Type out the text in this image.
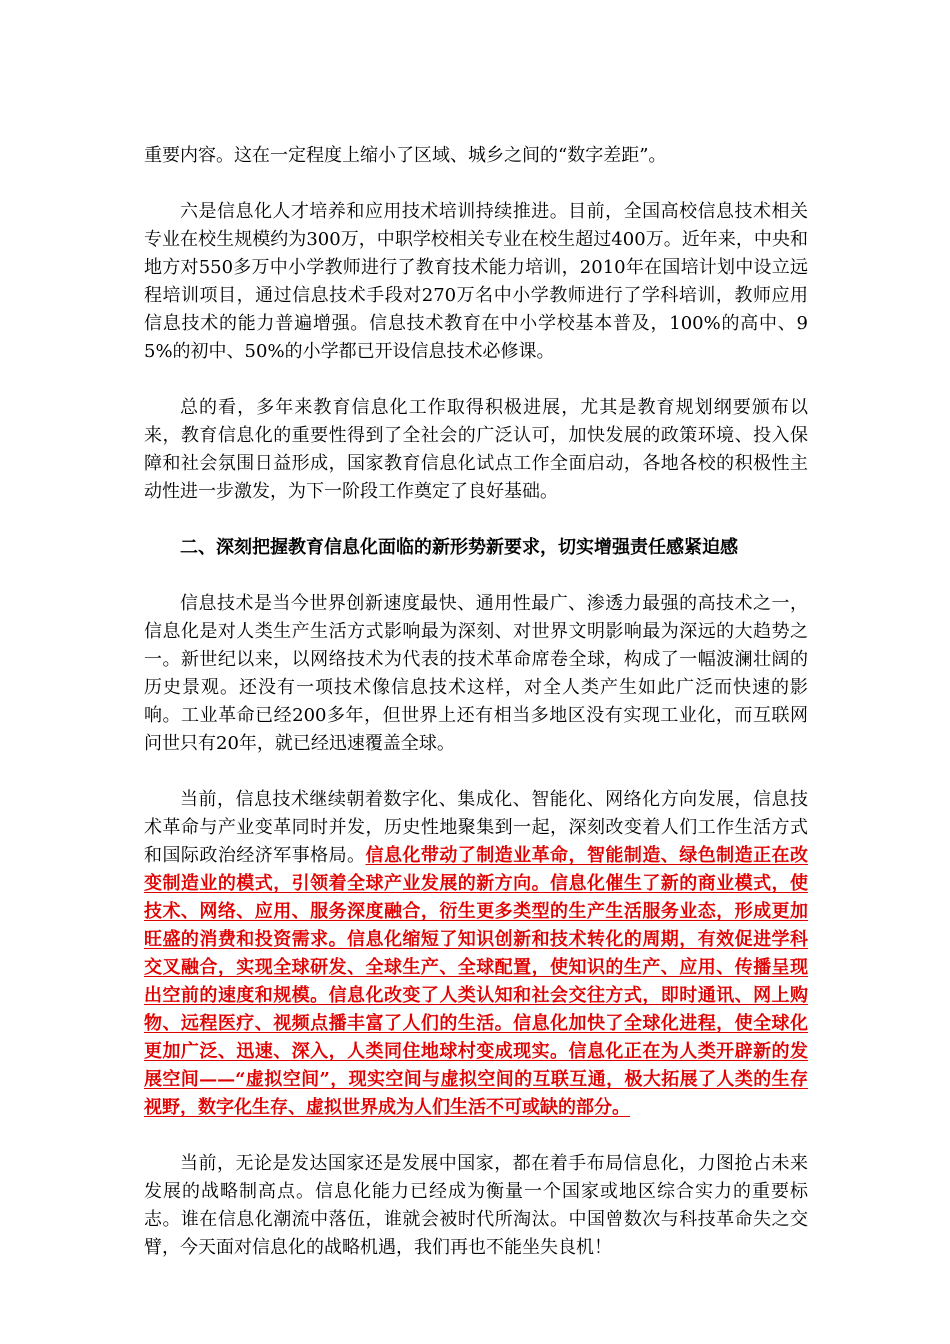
重要内容。这在一定程度上缩小了区域、城乡之间的“数字差距”。

六是信息化人才培养和应用技术培训持续推进。目前，全国高校信息技术相关专业在校生规模约为300万，中职学校相关专业在校生超过400万。近年来，中央和地方对550多万中小学教师进行了教育技术能力培训，2010年在国培计划中设立远程培训项目，通过信息技术手段对270万名中小学教师进行了学科培训，教师应用信息技术的能力普遍增强。信息技术教育在中小学校基本普及，100%的高中、95%的初中、50%的小学都已开设信息技术必修课。

总的看，多年来教育信息化工作取得积极进展，尤其是教育规划纲要颁布以来，教育信息化的重要性得到了全社会的广泛认可，加快发展的政策环境、投入保障和社会氛围日益形成，国家教育信息化试点工作全面启动，各地各校的积极性主动性进一步激发，为下一阶段工作奠定了良好基础。

二、深刻把握教育信息化面临的新形势新要求，切实增强责任感紧迫感

信息技术是当今世界创新速度最快、通用性最广、渗透力最强的高技术之一，信息化是对人类生产生活方式影响最为深刻、对世界文明影响最为深远的大趋势之一。新世纪以来，以网络技术为代表的技术革命席卷全球，构成了一幅波澜壮阔的历史景观。还没有一项技术像信息技术这样，对全人类产生如此广泛而快速的影响。工业革命已经200多年，但世界上还有相当多地区没有实现工业化，而互联网问世只有20年，就已经迅速覆盖全球。

当前，信息技术继续朝着数字化、集成化、智能化、网络化方向发展，信息技术革命与产业变革同时并发，历史性地聚集到一起，深刻改变着人们工作生活方式和国际政治经济军事格局。信息化带动了制造业革命，智能制造、绿色制造正在改变制造业的模式，引领着全球产业发展的新方向。信息化催生了新的商业模式，使技术、网络、应用、服务深度融合，衍生更多类型的生产生活服务业态，形成更加旺盛的消费和投资需求。信息化缩短了知识创新和技术转化的周期，有效促进学科交叉融合，实现全球研发、全球生产、全球配置，使知识的生产、应用、传播呈现出空前的速度和规模。信息化改变了人类认知和社会交往方式，即时通讯、网上购物、远程医疗、视频点播丰富了人们的生活。信息化加快了全球化进程，使全球化更加广泛、迅速、深入，人类同住地球村变成现实。信息化正在为人类开辟新的发展空间——“虚拟空间”，现实空间与虚拟空间的互联互通，极大拓展了人类的生存视野，数字化生存、虚拟世界成为人们生活不可或缺的部分。

当前，无论是发达国家还是发展中国家，都在着手布局信息化，力图抢占未来发展的战略制高点。信息化能力已经成为衡量一个国家或地区综合实力的重要标志。谁在信息化潮流中落伍，谁就会被时代所淘汰。中国曾数次与科技革命失之交臂，今天面对信息化的战略机遇，我们再也不能坐失良机！
